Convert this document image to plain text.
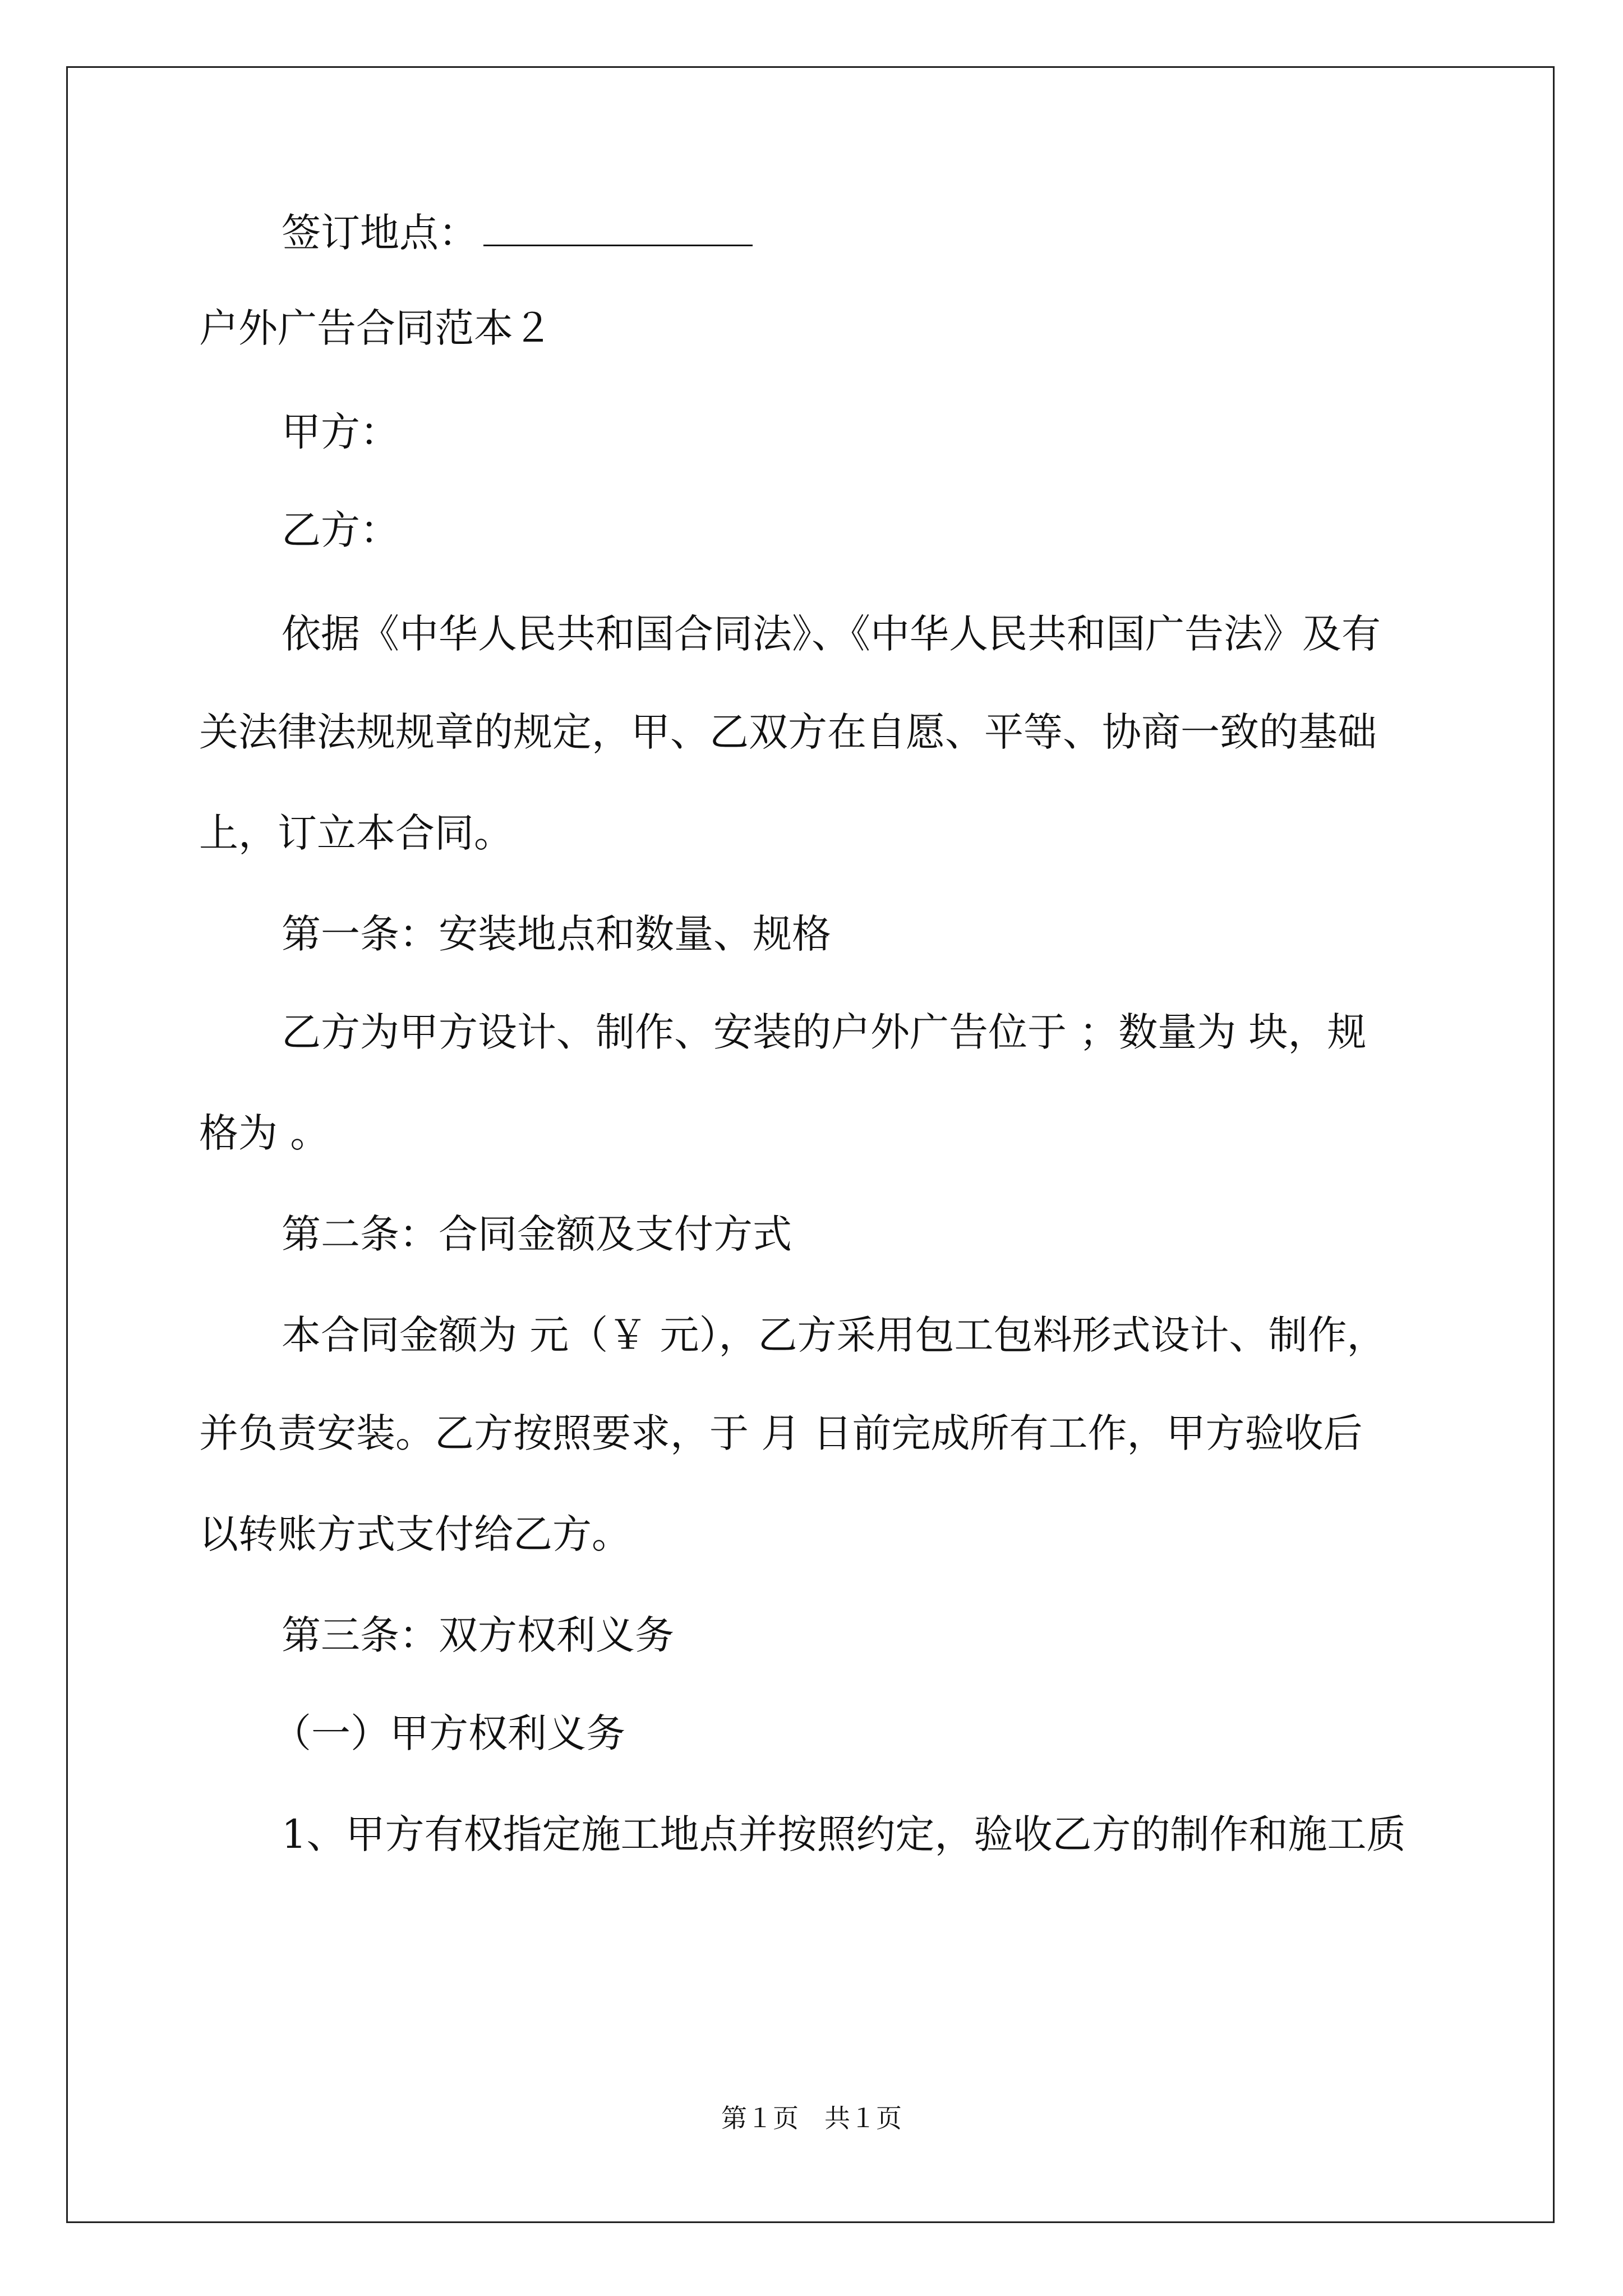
签订地点：
户外广告合同范本２
甲方：
乙方：
依据《中华人民共和国合同法》、《中华人民共和国广告法》及有
关法律法规规章的规定，甲、乙双方在自愿、平等、协商一致的基础
上，订立本合同。
第一条：安装地点和数量、规格
乙方为甲方设计、制作、安装的户外广告位于 ；数量为 块，规
格为 。
第二条：合同金额及支付方式
本合同金额为 元（￥ 元），乙方采用包工包料形式设计、制作，
并负责安装。乙方按照要求，于 月 日前完成所有工作，甲方验收后
以转账方式支付给乙方。
第三条：双方权利义务
（一）甲方权利义务
1、甲方有权指定施工地点并按照约定，验收乙方的制作和施工质
第１页　共１页
